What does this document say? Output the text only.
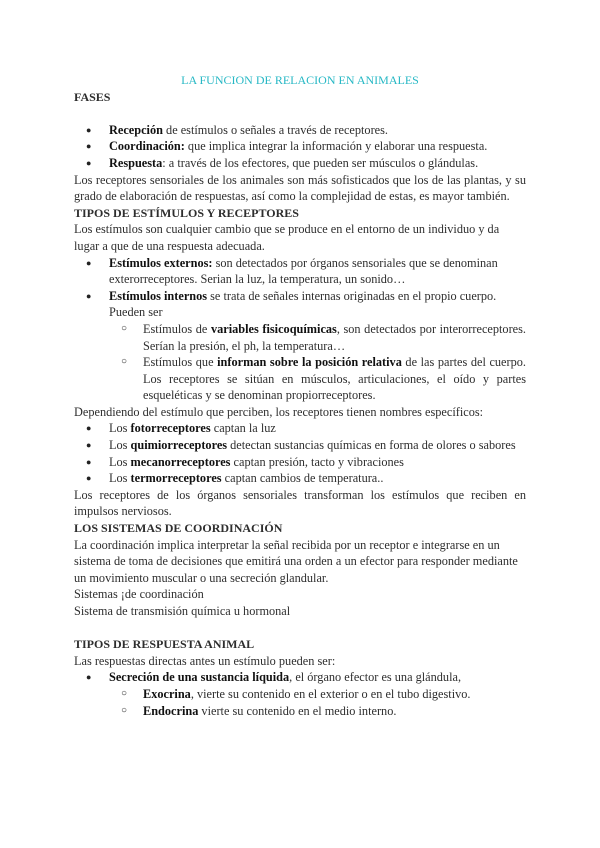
LA FUNCION DE RELACION EN ANIMALES

FASES

● Recepción de estímulos o señales a través de receptores.
● Coordinación: que implica integrar la información y elaborar una respuesta.
● Respuesta: a través de los efectores, que pueden ser músculos o glándulas.

Los receptores sensoriales de los animales son más sofisticados que los de las plantas, y su grado de elaboración de respuestas, así como la complejidad de estas, es mayor también.

TIPOS DE ESTÍMULOS Y RECEPTORES

Los estímulos son cualquier cambio que se produce en el entorno de un individuo y da lugar a que de una respuesta adecuada.

● Estímulos externos: son detectados por órganos sensoriales que se denominan exterorreceptores. Serian la luz, la temperatura, un sonido…
● Estímulos internos se trata de señales internas originadas en el propio cuerpo. Pueden ser
○ Estímulos de variables fisicoquímicas, son detectados por interorreceptores. Serían la presión, el ph, la temperatura…
○ Estímulos que informan sobre la posición relativa de las partes del cuerpo. Los receptores se sitúan en músculos, articulaciones, el oído y partes esqueléticas y se denominan propiorreceptores.

Dependiendo del estímulo que perciben, los receptores tienen nombres específicos:

● Los fotorreceptores captan la luz
● Los quimiorreceptores detectan sustancias químicas en forma de olores o sabores
● Los mecanorreceptores captan presión, tacto y vibraciones
● Los termorreceptores captan cambios de temperatura..

Los receptores de los órganos sensoriales transforman los estímulos que reciben en impulsos nerviosos.

LOS SISTEMAS DE COORDINACIÓN

La coordinación implica interpretar la señal recibida por un receptor e integrarse en un sistema de toma de decisiones que emitirá una orden a un efector para responder mediante un movimiento muscular o una secreción glandular.

Sistemas ¡de coordinación

Sistema de transmisión química u hormonal

TIPOS DE RESPUESTA ANIMAL

Las respuestas directas antes un estímulo pueden ser:

● Secreción de una sustancia líquida, el órgano efector es una glándula,
○ Exocrina, vierte su contenido en el exterior o en el tubo digestivo.
○ Endocrina vierte su contenido en el medio interno.
